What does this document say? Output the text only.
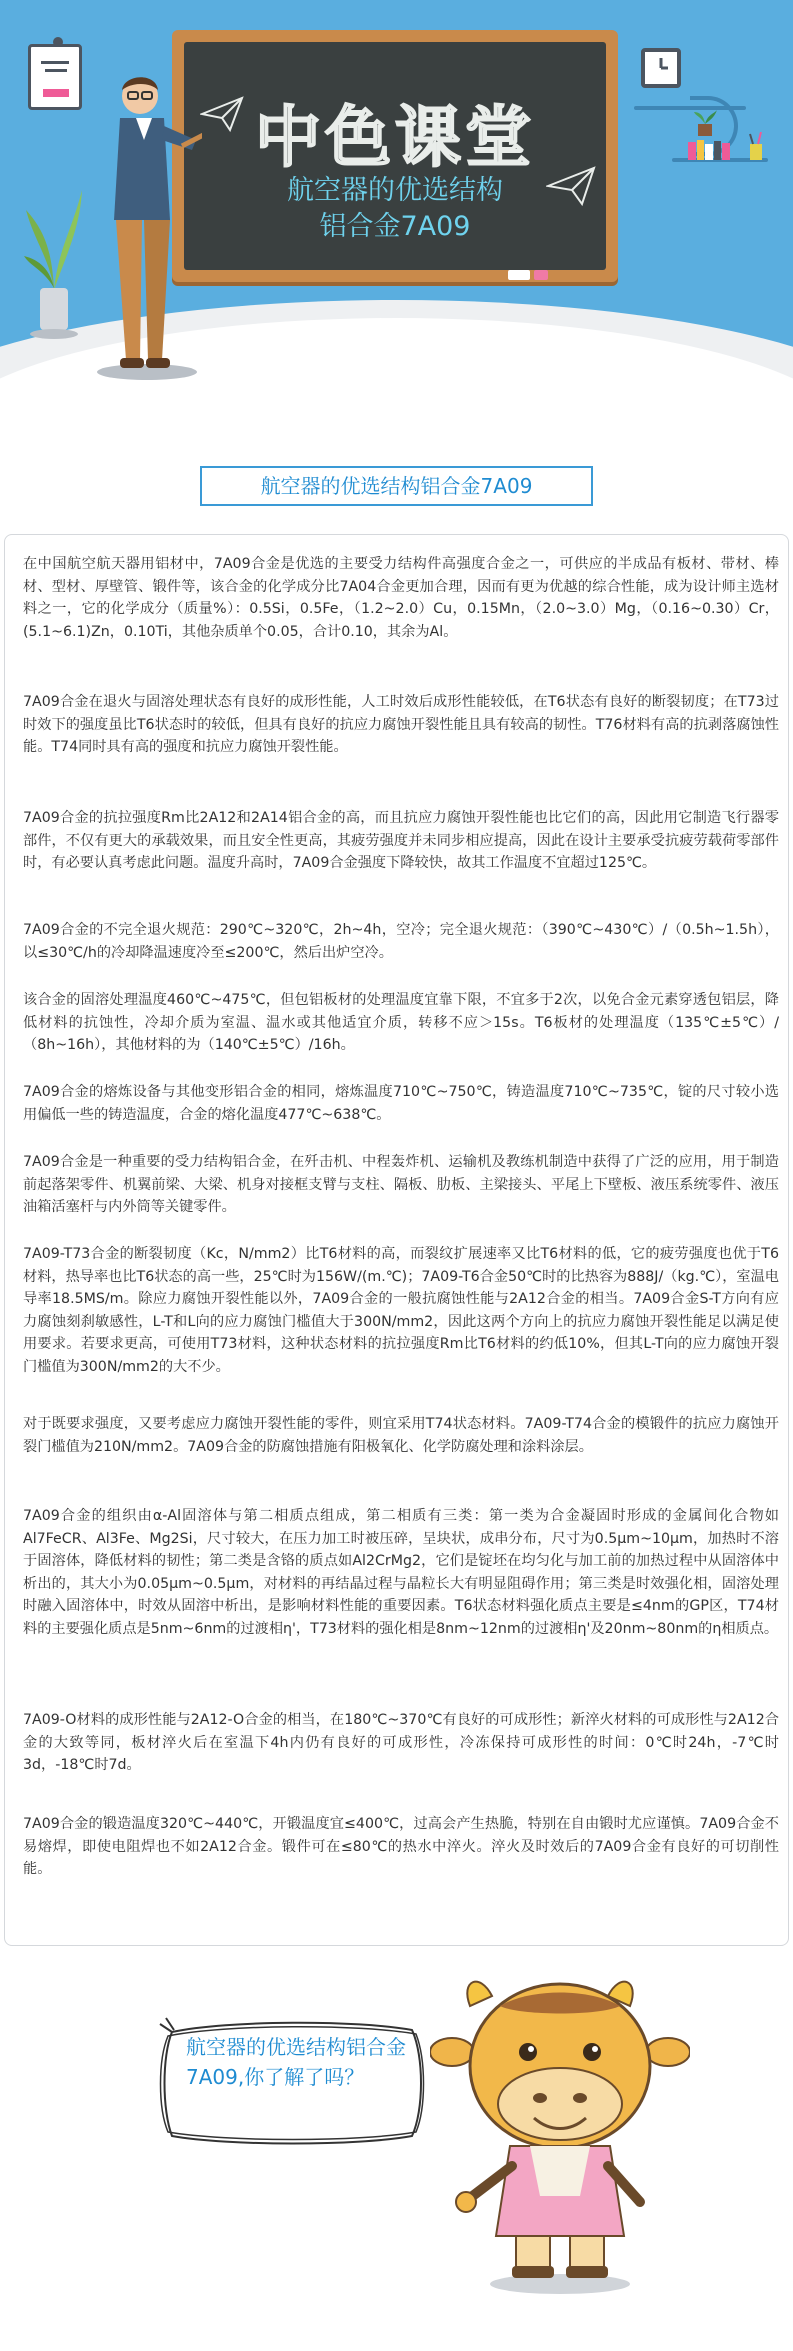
中色课堂
航空器的优选结构
铝合金7A09
航空器的优选结构铝合金7A09

在中国航空航天器用铝材中，7A09合金是优选的主要受力结构件高强度合金之一，可供应的半成品有板材、带材、棒材、型材、厚壁管、锻件等，该合金的化学成分比7A04合金更加合理，因而有更为优越的综合性能，成为设计师主选材料之一，它的化学成分（质量%）：0.5Si，0.5Fe，（1.2~2.0）Cu，0.15Mn，（2.0~3.0）Mg，（0.16~0.30）Cr，(5.1~6.1)Zn，0.10Ti，其他杂质单个0.05，合计0.10，其余为Al。

7A09合金在退火与固溶处理状态有良好的成形性能，人工时效后成形性能较低，在T6状态有良好的断裂韧度；在T73过时效下的强度虽比T6状态时的较低，但具有良好的抗应力腐蚀开裂性能且具有较高的韧性。T76材料有高的抗剥落腐蚀性能。T74同时具有高的强度和抗应力腐蚀开裂性能。

7A09合金的抗拉强度Rm比2A12和2A14铝合金的高，而且抗应力腐蚀开裂性能也比它们的高，因此用它制造飞行器零部件，不仅有更大的承载效果，而且安全性更高，其疲劳强度并未同步相应提高，因此在设计主要承受抗疲劳载荷零部件时，有必要认真考虑此问题。温度升高时，7A09合金强度下降较快，故其工作温度不宜超过125℃。

7A09合金的不完全退火规范：290℃~320℃，2h~4h，空冷；完全退火规范：（390℃~430℃）/（0.5h~1.5h），以≤30℃/h的冷却降温速度冷至≤200℃，然后出炉空冷。

该合金的固溶处理温度460℃~475℃，但包铝板材的处理温度宜靠下限，不宜多于2次，以免合金元素穿透包铝层，降低材料的抗蚀性，冷却介质为室温、温水或其他适宜介质，转移不应＞15s。T6板材的处理温度（135℃±5℃）/（8h~16h），其他材料的为（140℃±5℃）/16h。

7A09合金的熔炼设备与其他变形铝合金的相同，熔炼温度710℃~750℃，铸造温度710℃~735℃，锭的尺寸较小选用偏低一些的铸造温度，合金的熔化温度477℃~638℃。

7A09合金是一种重要的受力结构铝合金，在歼击机、中程轰炸机、运输机及教练机制造中获得了广泛的应用，用于制造前起落架零件、机翼前梁、大梁、机身对接框支臂与支柱、隔板、肋板、主梁接头、平尾上下壁板、液压系统零件、液压油箱活塞杆与内外筒等关键零件。

7A09-T73合金的断裂韧度（Kc，N/mm2）比T6材料的高，而裂纹扩展速率又比T6材料的低，它的疲劳强度也优于T6材料，热导率也比T6状态的高一些，25℃时为156W/(m.℃)；7A09-T6合金50℃时的比热容为888J/（kg.℃），室温电导率18.5MS/m。除应力腐蚀开裂性能以外，7A09合金的一般抗腐蚀性能与2A12合金的相当。7A09合金S-T方向有应力腐蚀刻刹敏感性，L-T和L向的应力腐蚀门槛值大于300N/mm2，因此这两个方向上的抗应力腐蚀开裂性能足以满足使用要求。若要求更高，可使用T73材料，这种状态材料的抗拉强度Rm比T6材料的约低10%，但其L-T向的应力腐蚀开裂门槛值为300N/mm2的大不少。

对于既要求强度，又要考虑应力腐蚀开裂性能的零件，则宜采用T74状态材料。7A09-T74合金的模锻件的抗应力腐蚀开裂门槛值为210N/mm2。7A09合金的防腐蚀措施有阳极氧化、化学防腐处理和涂料涂层。

7A09合金的组织由α-Al固溶体与第二相质点组成，第二相质有三类：第一类为合金凝固时形成的金属间化合物如Al7FeCR、Al3Fe、Mg2Si，尺寸较大，在压力加工时被压碎，呈块状，成串分布，尺寸为0.5μm~10μm，加热时不溶于固溶体，降低材料的韧性；第二类是含铬的质点如Al2CrMg2，它们是锭坯在均匀化与加工前的加热过程中从固溶体中析出的，其大小为0.05μm~0.5μm，对材料的再结晶过程与晶粒长大有明显阻碍作用；第三类是时效强化相，固溶处理时融入固溶体中，时效从固溶中析出，是影响材料性能的重要因素。T6状态材料强化质点主要是≤4nm的GP区，T74材料的主要强化质点是5nm~6nm的过渡相η'，T73材料的强化相是8nm~12nm的过渡相η'及20nm~80nm的η相质点。

7A09-O材料的成形性能与2A12-O合金的相当，在180℃~370℃有良好的可成形性；新淬火材料的可成形性与2A12合金的大致等同，板材淬火后在室温下4h内仍有良好的可成形性，冷冻保持可成形性的时间：0℃时24h，-7℃时3d，-18℃时7d。

7A09合金的锻造温度320℃~440℃，开锻温度宜≤400℃，过高会产生热脆，特别在自由锻时尤应谨慎。7A09合金不易熔焊，即使电阻焊也不如2A12合金。锻件可在≤80℃的热水中淬火。淬火及时效后的7A09合金有良好的可切削性能。

航空器的优选结构铝合金7A09,你了解了吗？
